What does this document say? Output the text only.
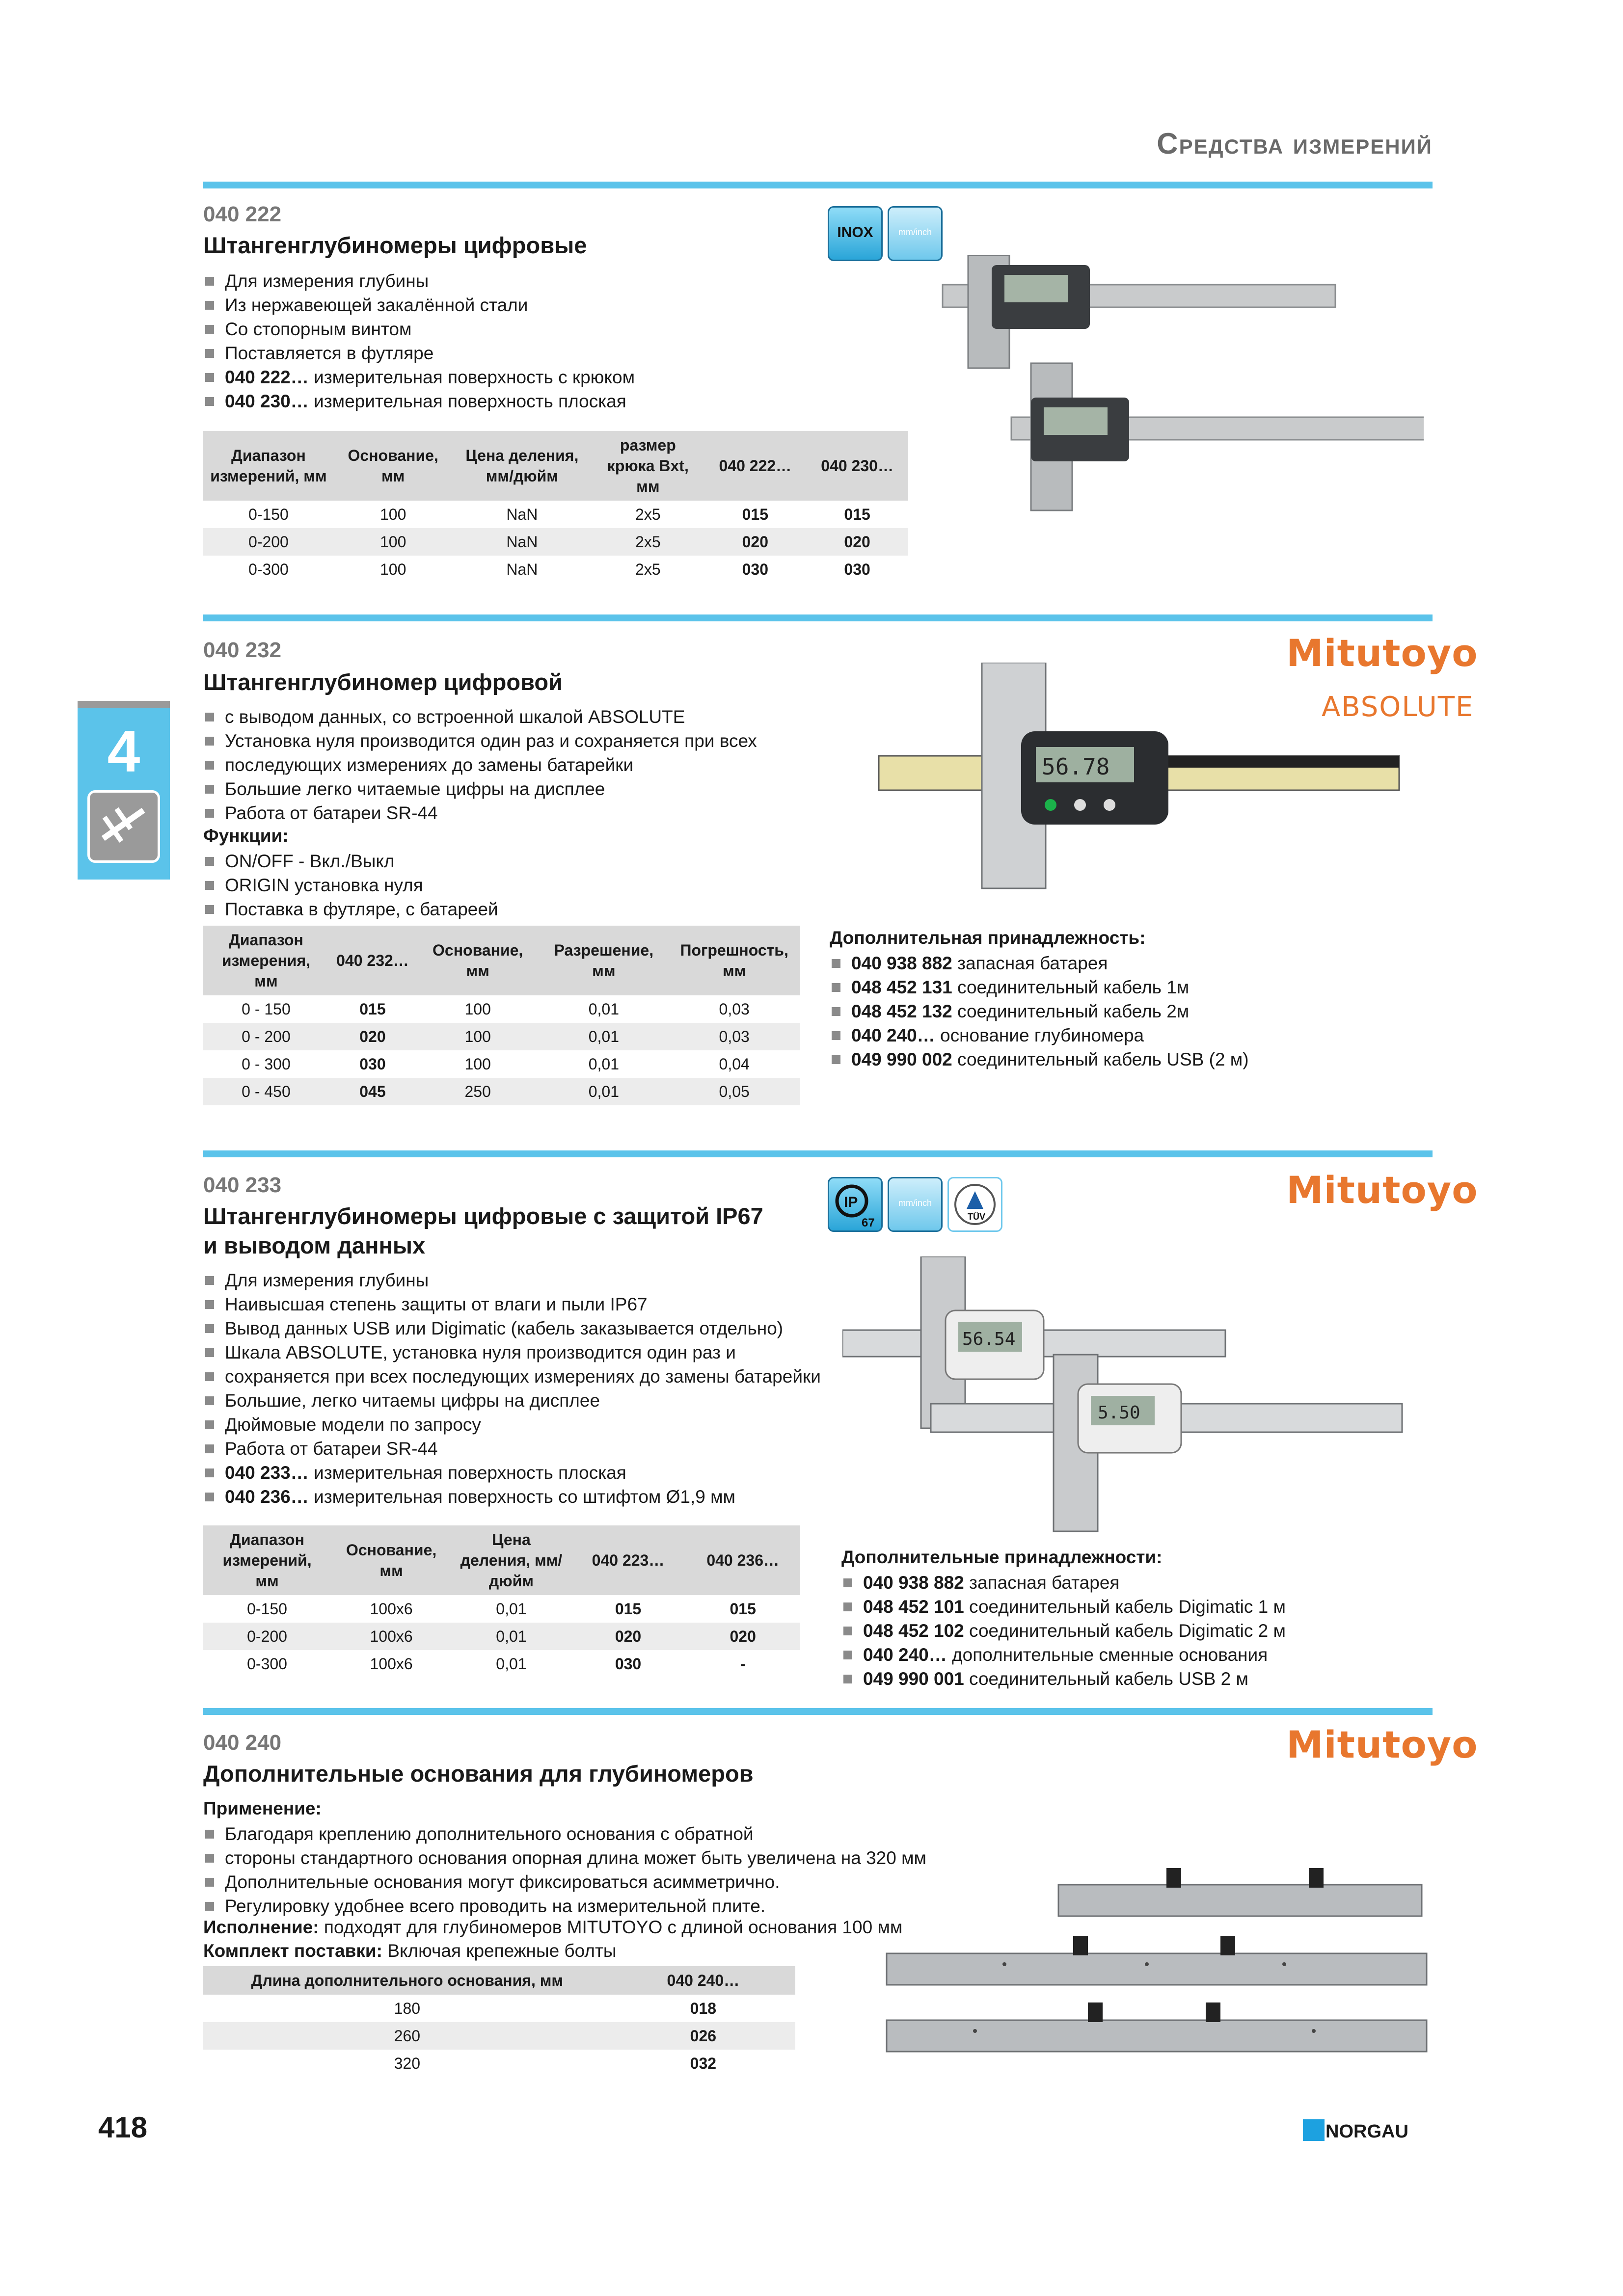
Средства измерений
4
040 222
Штангенглубиномеры цифровые	INOX	mm/inch
Для измерения глубины
Из нержавеющей закалённой стали
Со стопорным винтом
Поставляется в футляре
040 222… измерительная поверхность с крюком
040 230… измерительная поверхность плоская
Диапазон измерений, мм	Основание, мм	Цена деления, мм/дюйм	размер крюка Bxt, мм	040 222…	040 230…
0-150	100	NaN	2x5	015	015
0-200	100	NaN	2x5	020	020
0-300	100	NaN	2x5	030	030
040 232
Штангенглубиномер цифровой
Mitutoyo
ABSOLUTE
с выводом данных, со встроенной шкалой ABSOLUTE
Установка нуля производится один раз и сохраняется при всех
последующих измерениях до замены батарейки
Большие легко читаемые цифры на дисплее
Работа от батареи SR-44
Функции:
ON/OFF - Вкл./Выкл
ORIGIN установка нуля
Поставка в футляре, с батареей
56.78
Диапазон измерения, мм	040 232…	Основание, мм	Разрешение, мм	Погрешность, мм
0 - 150	015	100	0,01	0,03
0 - 200	020	100	0,01	0,03
0 - 300	030	100	0,01	0,04
0 - 450	045	250	0,01	0,05
Дополнительная принадлежность:
040 938 882 запасная батарея
048 452 131 соединительный кабель 1м
048 452 132 соединительный кабель 2м
040 240… основание глубиномера
049 990 002 соединительный кабель USB (2 м)
040 233
Штангенглубиномеры цифровые с защитой IP67
и выводом данных
Mitutoyo
IP
67
mm/inch
TÜV
Для измерения глубины
Наивысшая степень защиты от влаги и пыли IP67
Вывод данных USB или Digimatic (кабель заказывается отдельно)
Шкала ABSOLUTE, установка нуля производится один раз и
сохраняется при всех последующих измерениях до замены батарейки
Большие, легко читаемы цифры на дисплее
Дюймовые модели по запросу
Работа от батареи SR-44
040 233… измерительная поверхность плоская
040 236… измерительная поверхность со штифтом Ø1,9 мм
56.54
5.50
Диапазон измерений, мм	Основание, мм	Цена деления, мм/дюйм	040 223…	040 236…
0-150	100x6	0,01	015	015
0-200	100x6	0,01	020	020
0-300	100x6	0,01	030	-
Дополнительные принадлежности:
040 938 882 запасная батарея
048 452 101 соединительный кабель Digimatic 1 м
048 452 102 соединительный кабель Digimatic 2 м
040 240… дополнительные сменные основания
049 990 001 соединительный кабель USB 2 м
040 240
Дополнительные основания для глубиномеров
Mitutoyo
Применение:
Благодаря креплению дополнительного основания с обратной
стороны стандартного основания опорная длина может быть увеличена на 320 мм
Дополнительные основания могут фиксироваться асимметрично.
Регулировку удобнее всего проводить на измерительной плите.
Исполнение: подходят для глубиномеров MITUTOYO с длиной основания 100 мм
Комплект поставки: Включая крепежные болты
Длина дополнительного основания, мм	040 240…
180	018
260	026
320	032
418	NORGAU
